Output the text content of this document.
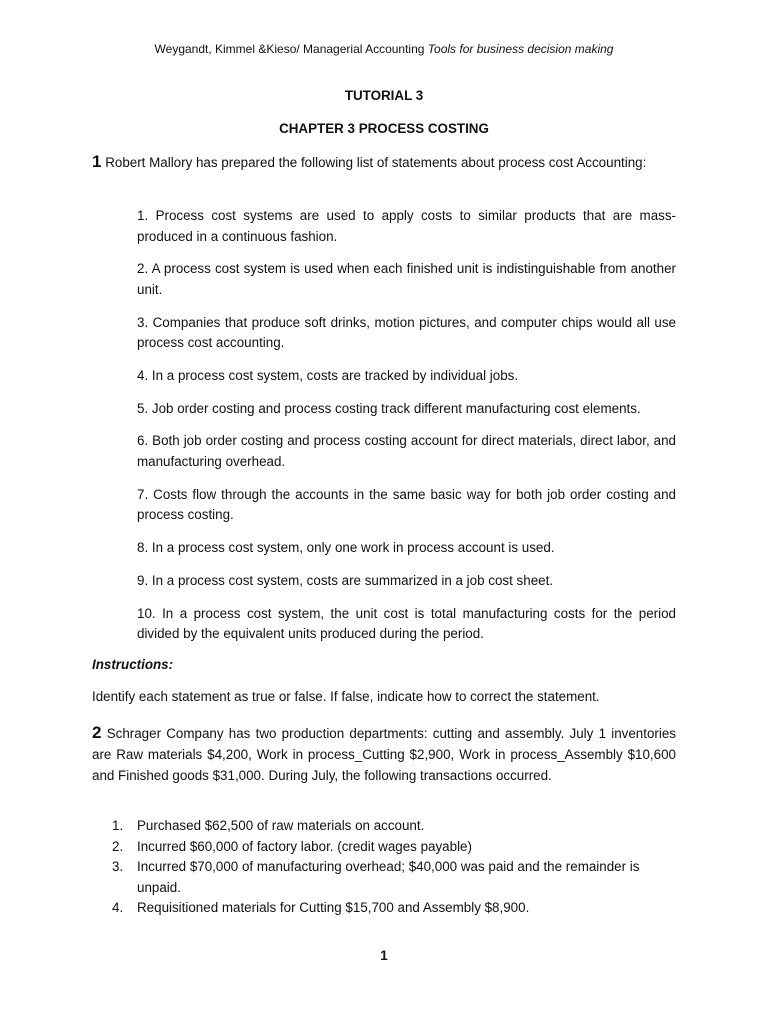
Weygandt, Kimmel &Kieso/ Managerial Accounting Tools for business decision making
TUTORIAL 3
CHAPTER 3 PROCESS COSTING
1 Robert Mallory has prepared the following list of statements about process cost Accounting:

1. Process cost systems are used to apply costs to similar products that are mass-produced in a continuous fashion.

2. A process cost system is used when each finished unit is indistinguishable from another unit.

3. Companies that produce soft drinks, motion pictures, and computer chips would all use process cost accounting.

4. In a process cost system, costs are tracked by individual jobs.

5. Job order costing and process costing track different manufacturing cost elements.

6. Both job order costing and process costing account for direct materials, direct labor, and manufacturing overhead.

7. Costs flow through the accounts in the same basic way for both job order costing and process costing.

8. In a process cost system, only one work in process account is used.

9. In a process cost system, costs are summarized in a job cost sheet.

10. In a process cost system, the unit cost is total manufacturing costs for the period divided by the equivalent units produced during the period.

Instructions:
Identify each statement as true or false. If false, indicate how to correct the statement.
2 Schrager Company has two production departments: cutting and assembly. July 1 inventories are Raw materials $4,200, Work in process_Cutting $2,900, Work in process_Assembly $10,600 and Finished goods $31,000. During July, the following transactions occurred.
1.	Purchased $62,500 of raw materials on account.
2.	Incurred $60,000 of factory labor. (credit wages payable)
3.	Incurred $70,000 of manufacturing overhead; $40,000 was paid and the remainder is unpaid.
4.	Requisitioned materials for Cutting $15,700 and Assembly $8,900.
1
